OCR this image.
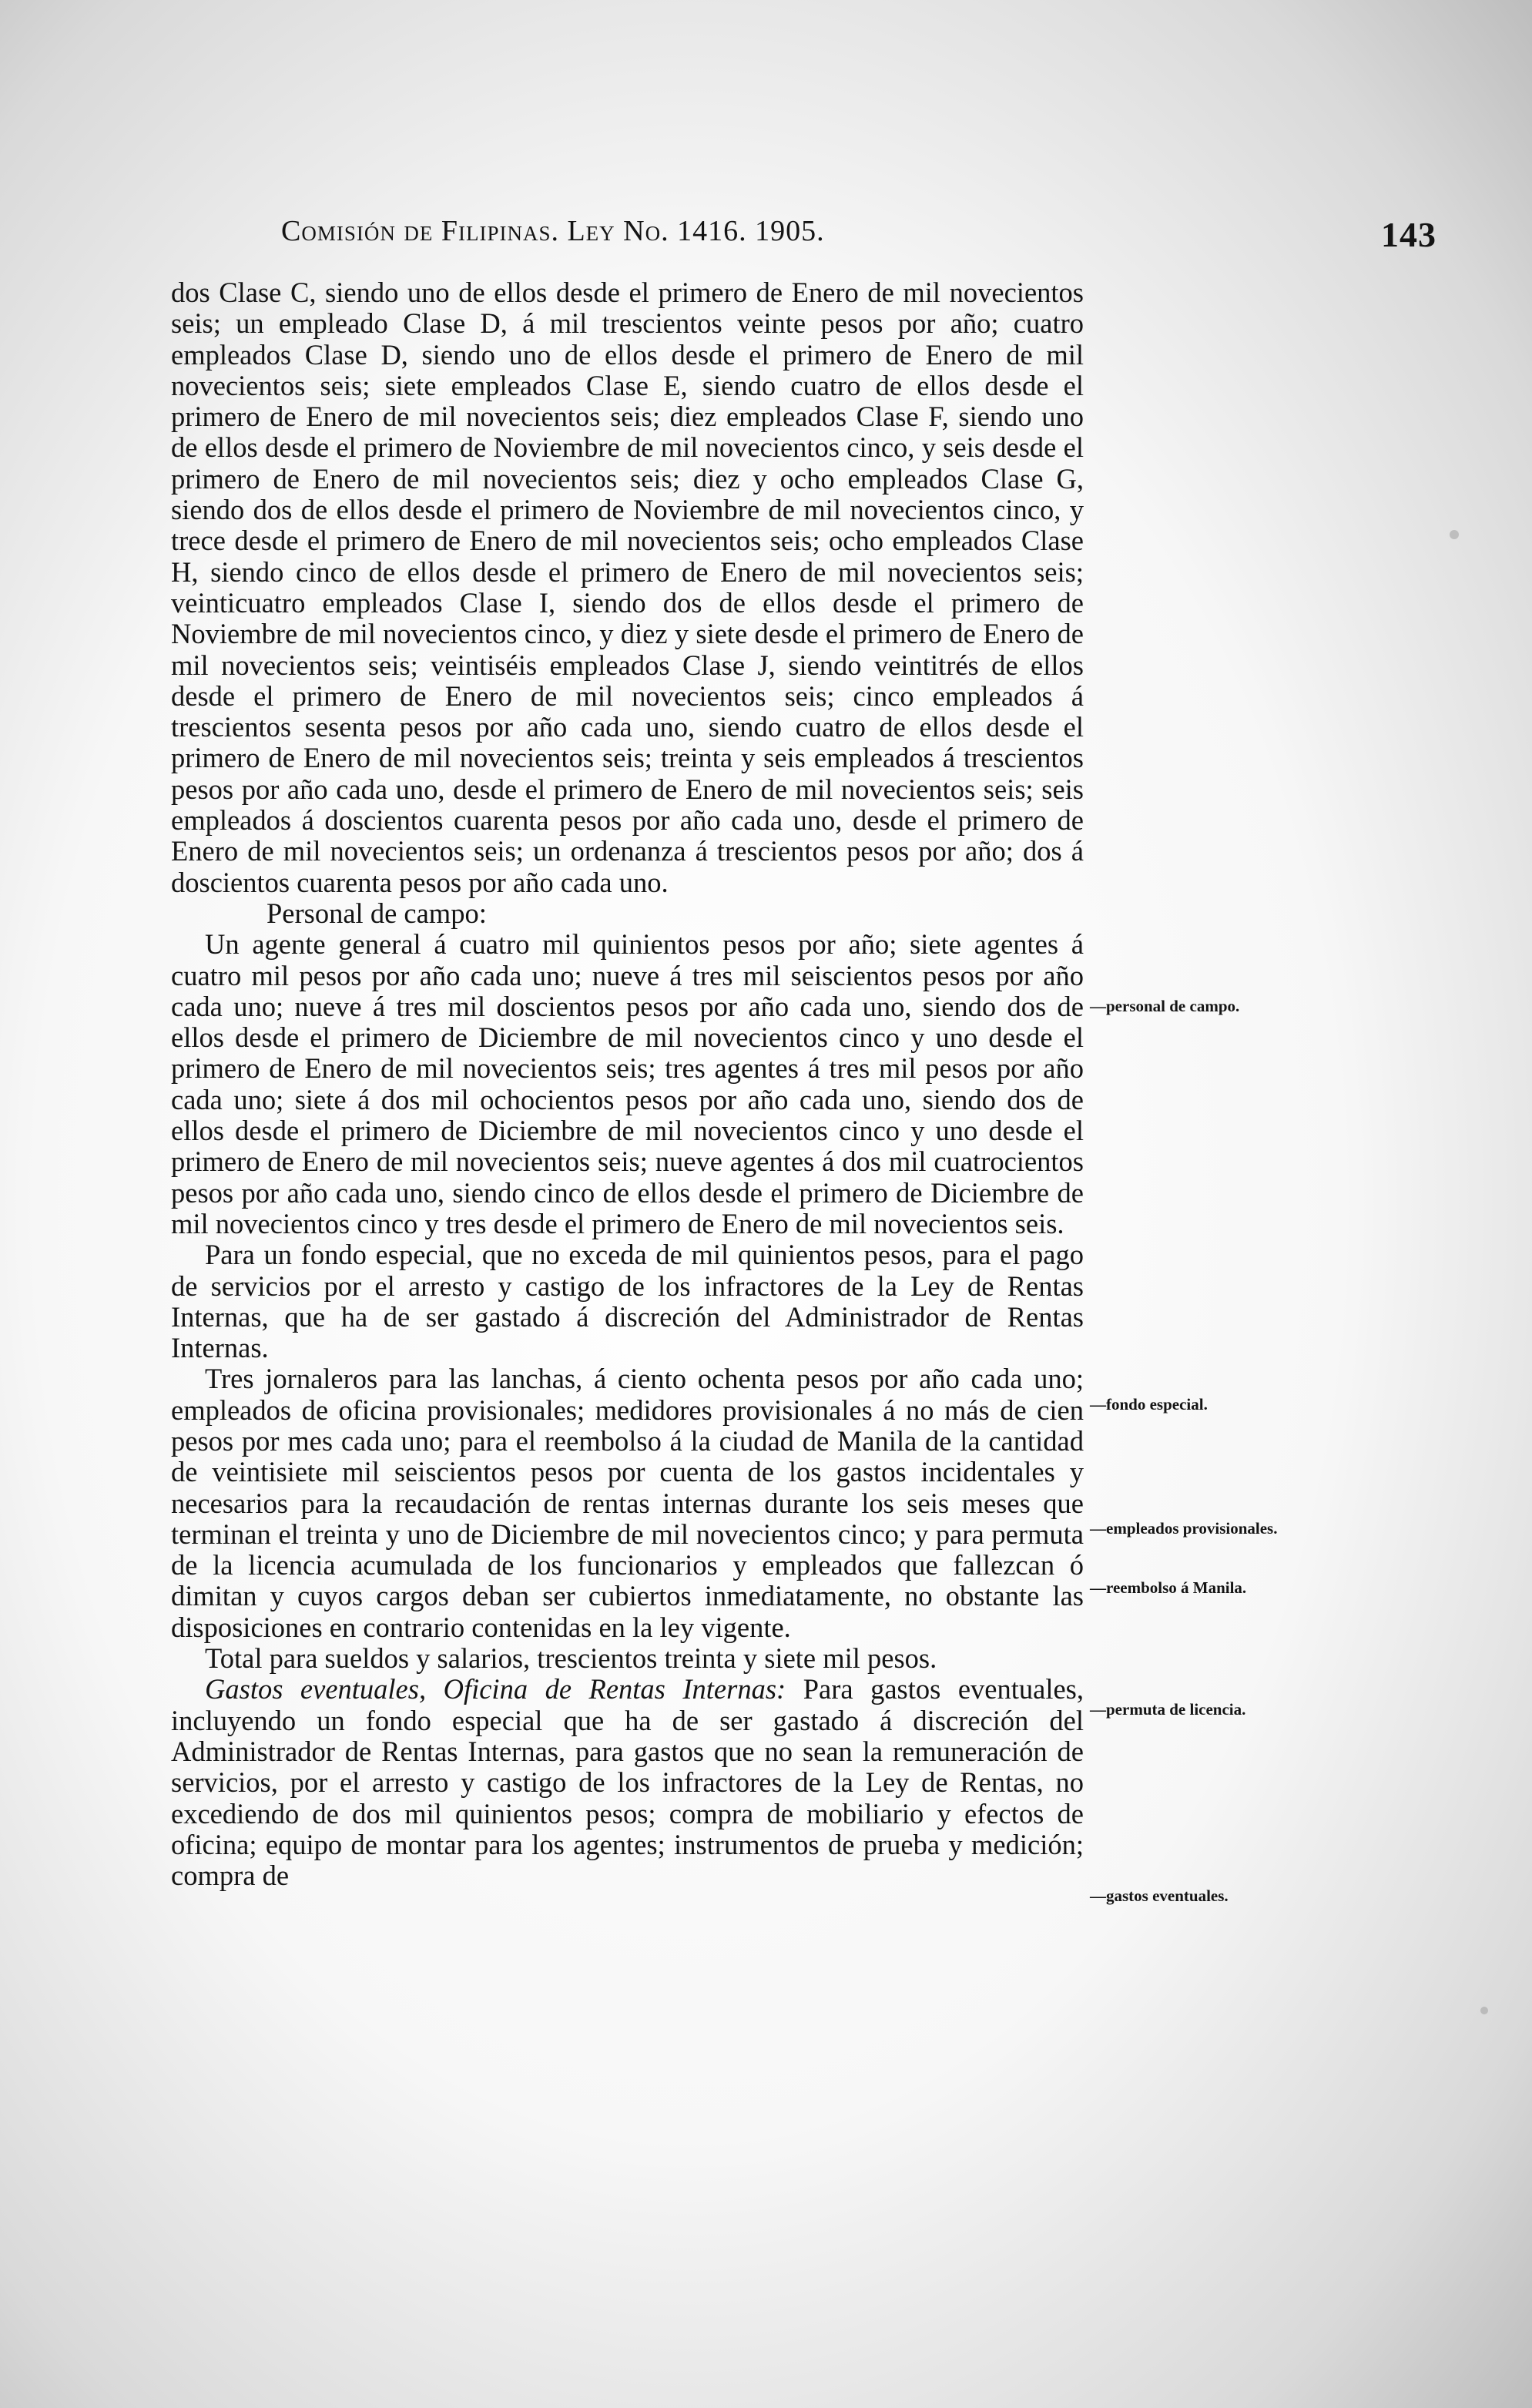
Comisión de Filipinas. Ley No. 1416. 1905.	143

dos Clase C, siendo uno de ellos desde el primero de Enero de mil novecientos seis; un empleado Clase D, á mil trescientos veinte pesos por año; cuatro empleados Clase D, siendo uno de ellos desde el primero de Enero de mil novecientos seis; siete empleados Clase E, siendo cuatro de ellos desde el primero de Enero de mil novecientos seis; diez empleados Clase F, siendo uno de ellos desde el primero de Noviembre de mil novecientos cinco, y seis desde el primero de Enero de mil novecientos seis; diez y ocho empleados Clase G, siendo dos de ellos desde el primero de Noviembre de mil novecientos cinco, y trece desde el primero de Enero de mil novecientos seis; ocho empleados Clase H, siendo cinco de ellos desde el primero de Enero de mil novecientos seis; veinticuatro empleados Clase I, siendo dos de ellos desde el primero de Noviembre de mil novecientos cinco, y diez y siete desde el primero de Enero de mil novecientos seis; veintiséis empleados Clase J, siendo veintitrés de ellos desde el primero de Enero de mil novecientos seis; cinco empleados á trescientos sesenta pesos por año cada uno, siendo cuatro de ellos desde el primero de Enero de mil novecientos seis; treinta y seis empleados á trescientos pesos por año cada uno, desde el primero de Enero de mil novecientos seis; seis empleados á doscientos cuarenta pesos por año cada uno, desde el primero de Enero de mil novecientos seis; un ordenanza á trescientos pesos por año; dos á doscientos cuarenta pesos por año cada uno.

Personal de campo:

Un agente general á cuatro mil quinientos pesos por año; siete agentes á cuatro mil pesos por año cada uno; nueve á tres mil seiscientos pesos por año cada uno; nueve á tres mil doscientos pesos por año cada uno, siendo dos de ellos desde el primero de Diciembre de mil novecientos cinco y uno desde el primero de Enero de mil novecientos seis; tres agentes á tres mil pesos por año cada uno; siete á dos mil ochocientos pesos por año cada uno, siendo dos de ellos desde el primero de Diciembre de mil novecientos cinco y uno desde el primero de Enero de mil novecientos seis; nueve agentes á dos mil cuatrocientos pesos por año cada uno, siendo cinco de ellos desde el primero de Diciembre de mil novecientos cinco y tres desde el primero de Enero de mil novecientos seis.

Para un fondo especial, que no exceda de mil quinientos pesos, para el pago de servicios por el arresto y castigo de los infractores de la Ley de Rentas Internas, que ha de ser gastado á discreción del Administrador de Rentas Internas.

Tres jornaleros para las lanchas, á ciento ochenta pesos por año cada uno; empleados de oficina provisionales; medidores provisionales á no más de cien pesos por mes cada uno; para el reembolso á la ciudad de Manila de la cantidad de veintisiete mil seiscientos pesos por cuenta de los gastos incidentales y necesarios para la recaudación de rentas internas durante los seis meses que terminan el treinta y uno de Diciembre de mil novecientos cinco; y para permuta de la licencia acumulada de los funcionarios y empleados que fallezcan ó dimitan y cuyos cargos deban ser cubiertos inmediatamente, no obstante las disposiciones en contrario contenidas en la ley vigente.

Total para sueldos y salarios, trescientos treinta y siete mil pesos.

Gastos eventuales, Oficina de Rentas Internas: Para gastos eventuales, incluyendo un fondo especial que ha de ser gastado á discreción del Administrador de Rentas Internas, para gastos que no sean la remuneración de servicios, por el arresto y castigo de los infractores de la Ley de Rentas, no excediendo de dos mil quinientos pesos; compra de mobiliario y efectos de oficina; equipo de montar para los agentes; instrumentos de prueba y medición; compra de

—personal de campo.
—fondo especial.
—empleados provisionales.
—reembolso á Manila.
—permuta de licencia.
—gastos eventuales.
